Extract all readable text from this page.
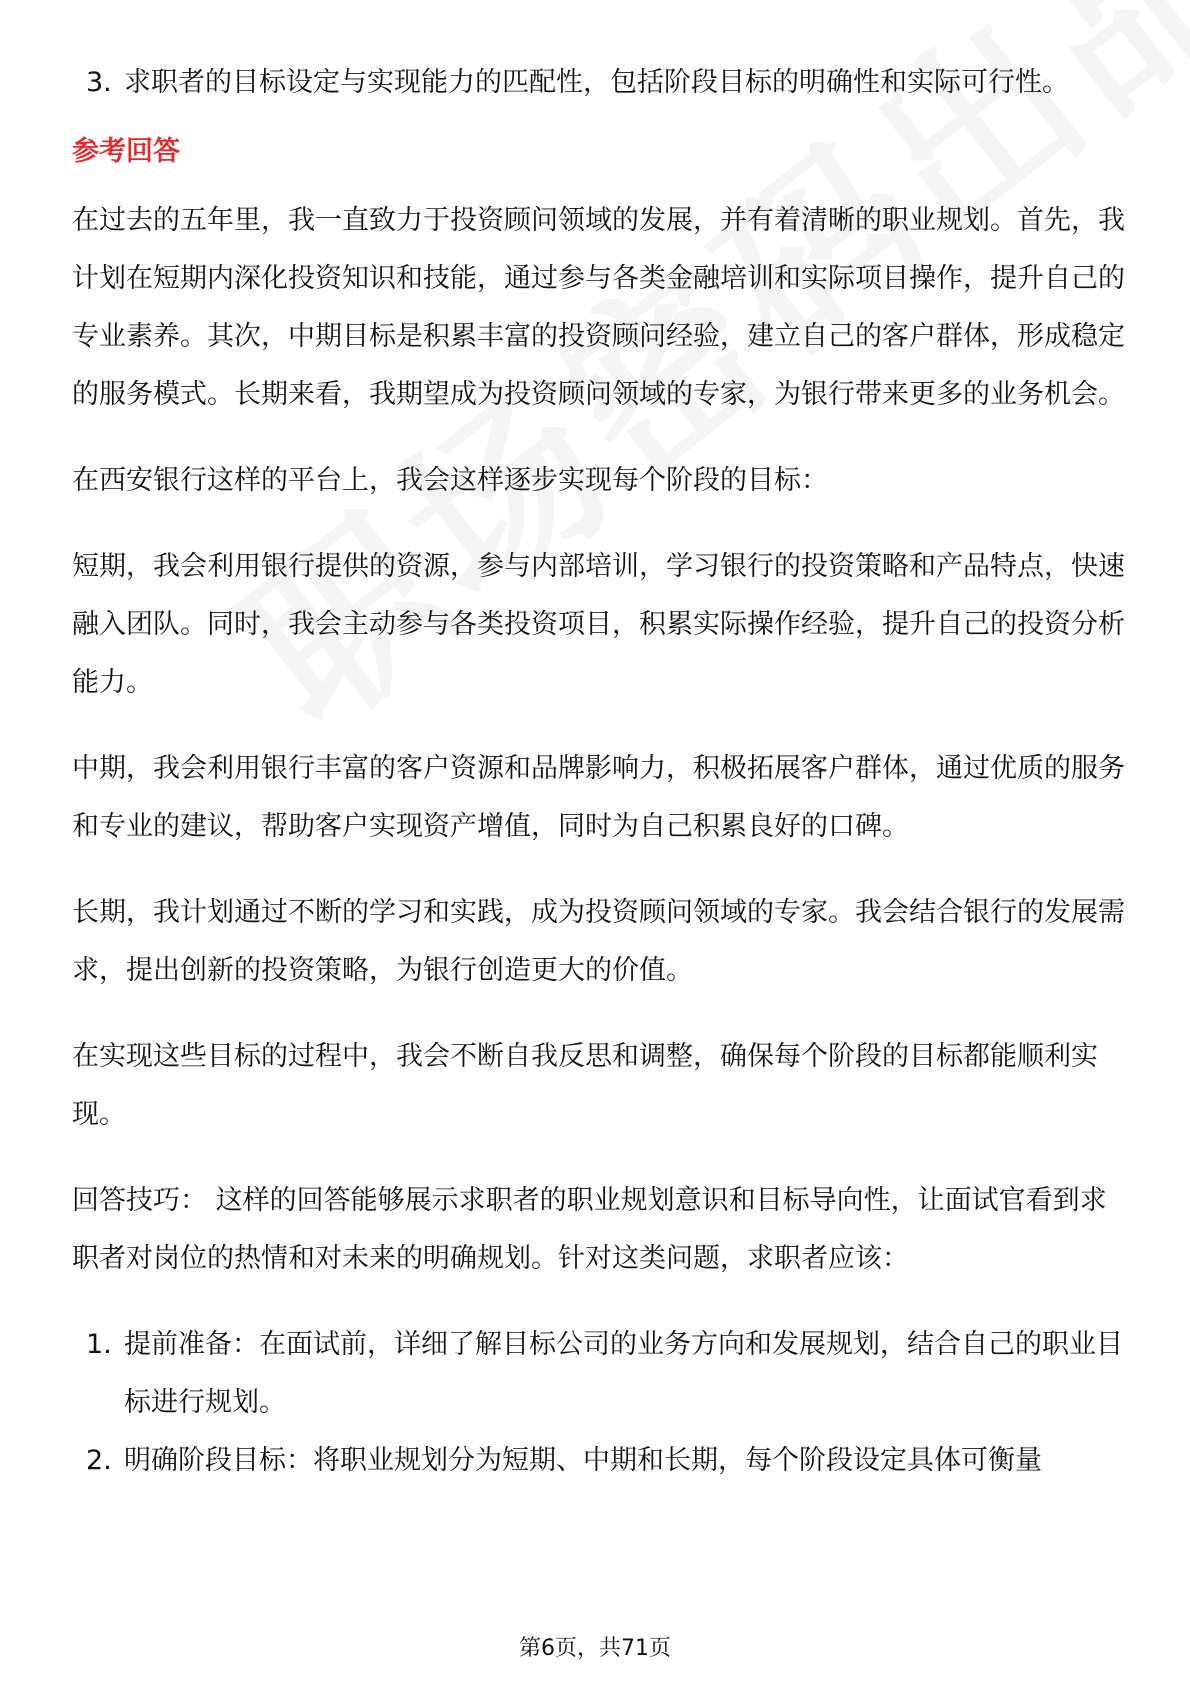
3. 求职者的目标设定与实现能力的匹配性，包括阶段目标的明确性和实际可行性。
参考回答

在过去的五年里，我一直致力于投资顾问领域的发展，并有着清晰的职业规划。首先，我计划在短期内深化投资知识和技能，通过参与各类金融培训和实际项目操作，提升自己的专业素养。其次，中期目标是积累丰富的投资顾问经验，建立自己的客户群体，形成稳定的服务模式。长期来看，我期望成为投资顾问领域的专家，为银行带来更多的业务机会。

在西安银行这样的平台上，我会这样逐步实现每个阶段的目标：

短期，我会利用银行提供的资源，参与内部培训，学习银行的投资策略和产品特点，快速融入团队。同时，我会主动参与各类投资项目，积累实际操作经验，提升自己的投资分析能力。

中期，我会利用银行丰富的客户资源和品牌影响力，积极拓展客户群体，通过优质的服务和专业的建议，帮助客户实现资产增值，同时为自己积累良好的口碑。

长期，我计划通过不断的学习和实践，成为投资顾问领域的专家。我会结合银行的发展需求，提出创新的投资策略，为银行创造更大的价值。

在实现这些目标的过程中，我会不断自我反思和调整，确保每个阶段的目标都能顺利实现。

回答技巧： 这样的回答能够展示求职者的职业规划意识和目标导向性，让面试官看到求职者对岗位的热情和对未来的明确规划。针对这类问题，求职者应该：

1. 提前准备：在面试前，详细了解目标公司的业务方向和发展规划，结合自己的职业目标进行规划。
2. 明确阶段目标：将职业规划分为短期、中期和长期，每个阶段设定具体可衡量
第6页，共71页
